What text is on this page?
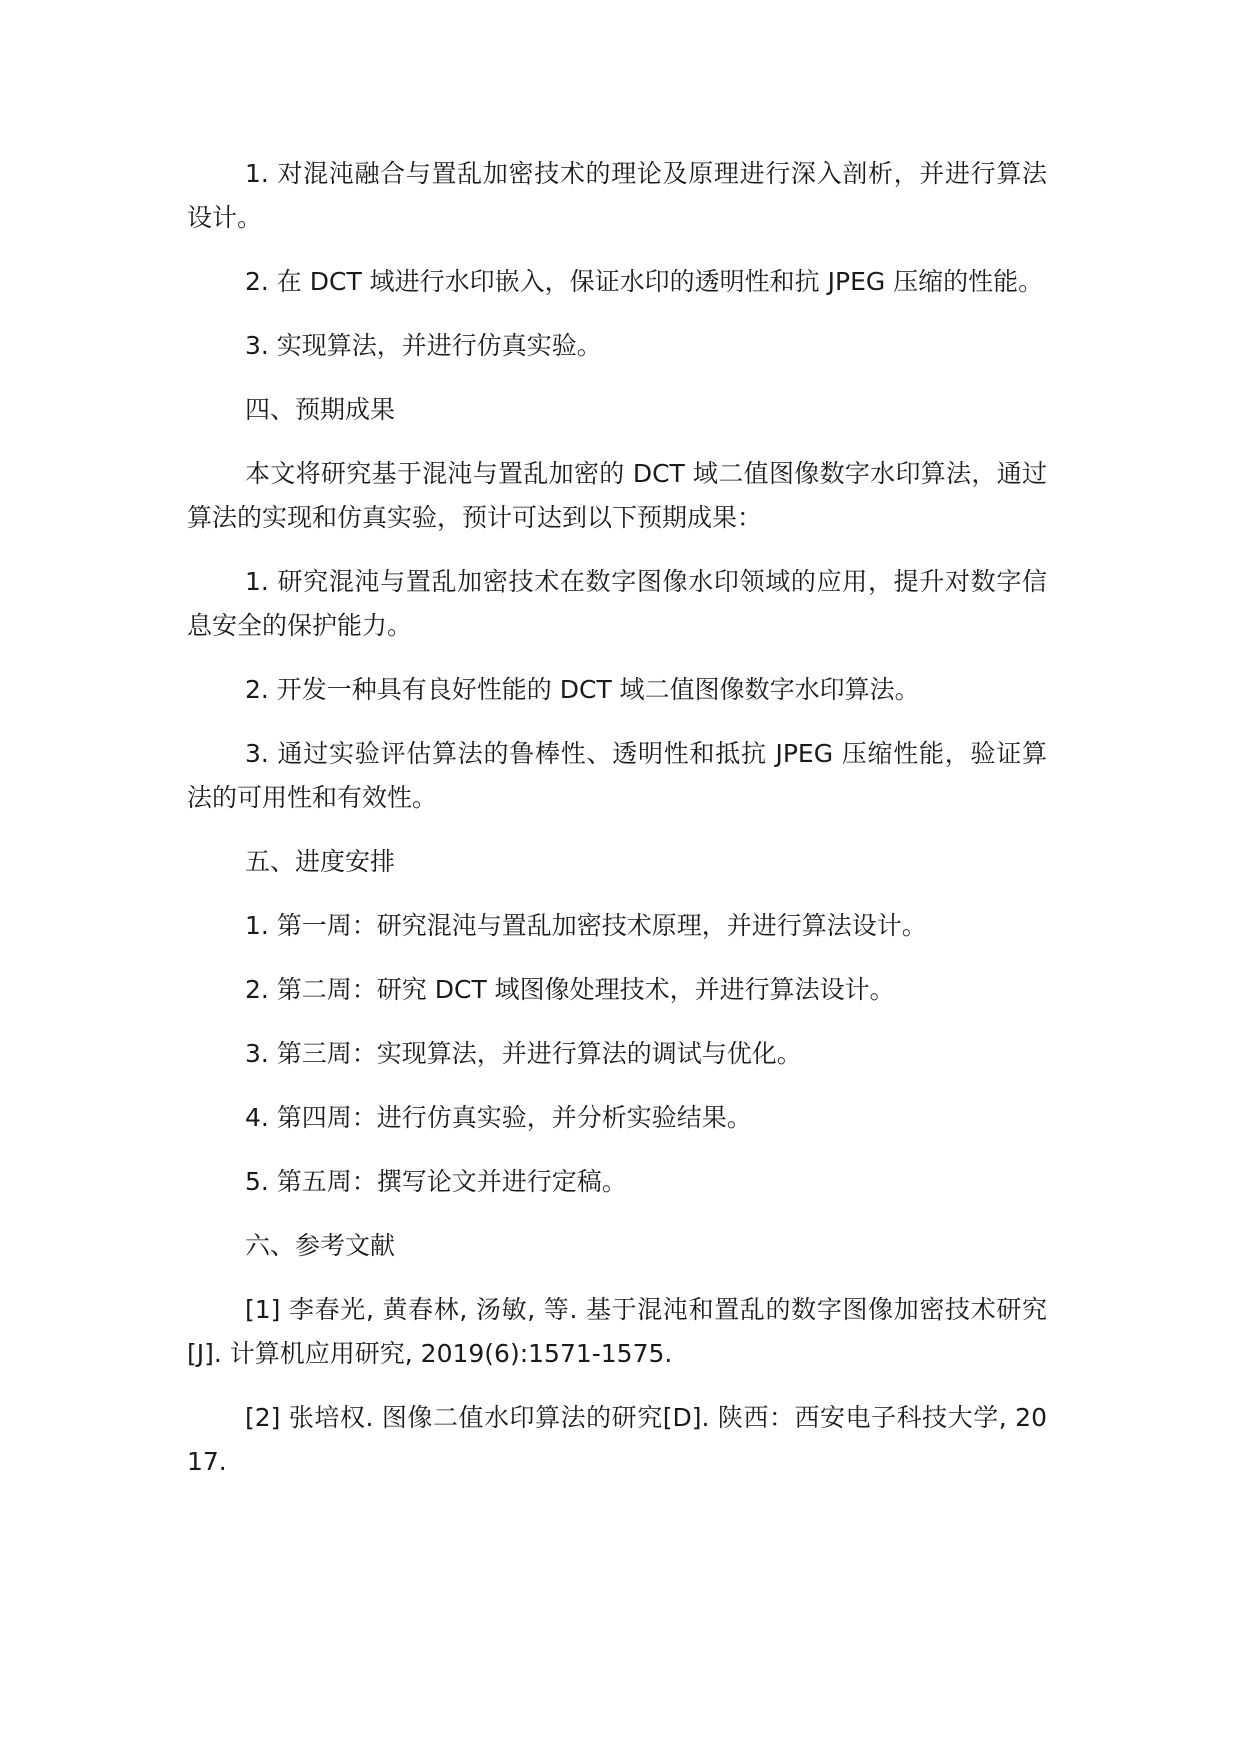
1. 对混沌融合与置乱加密技术的理论及原理进行深入剖析，并进行算法设计。

2. 在 DCT 域进行水印嵌入，保证水印的透明性和抗 JPEG 压缩的性能。

3. 实现算法，并进行仿真实验。

四、预期成果

本文将研究基于混沌与置乱加密的 DCT 域二值图像数字水印算法，通过算法的实现和仿真实验，预计可达到以下预期成果：

1. 研究混沌与置乱加密技术在数字图像水印领域的应用，提升对数字信息安全的保护能力。

2. 开发一种具有良好性能的 DCT 域二值图像数字水印算法。

3. 通过实验评估算法的鲁棒性、透明性和抵抗 JPEG 压缩性能，验证算法的可用性和有效性。

五、进度安排

1. 第一周：研究混沌与置乱加密技术原理，并进行算法设计。

2. 第二周：研究 DCT 域图像处理技术，并进行算法设计。

3. 第三周：实现算法，并进行算法的调试与优化。

4. 第四周：进行仿真实验，并分析实验结果。

5. 第五周：撰写论文并进行定稿。

六、参考文献

[1] 李春光, 黄春林, 汤敏, 等. 基于混沌和置乱的数字图像加密技术研究[J]. 计算机应用研究, 2019(6):1571-1575.

[2] 张培权. 图像二值水印算法的研究[D]. 陕西：西安电子科技大学, 2017.
